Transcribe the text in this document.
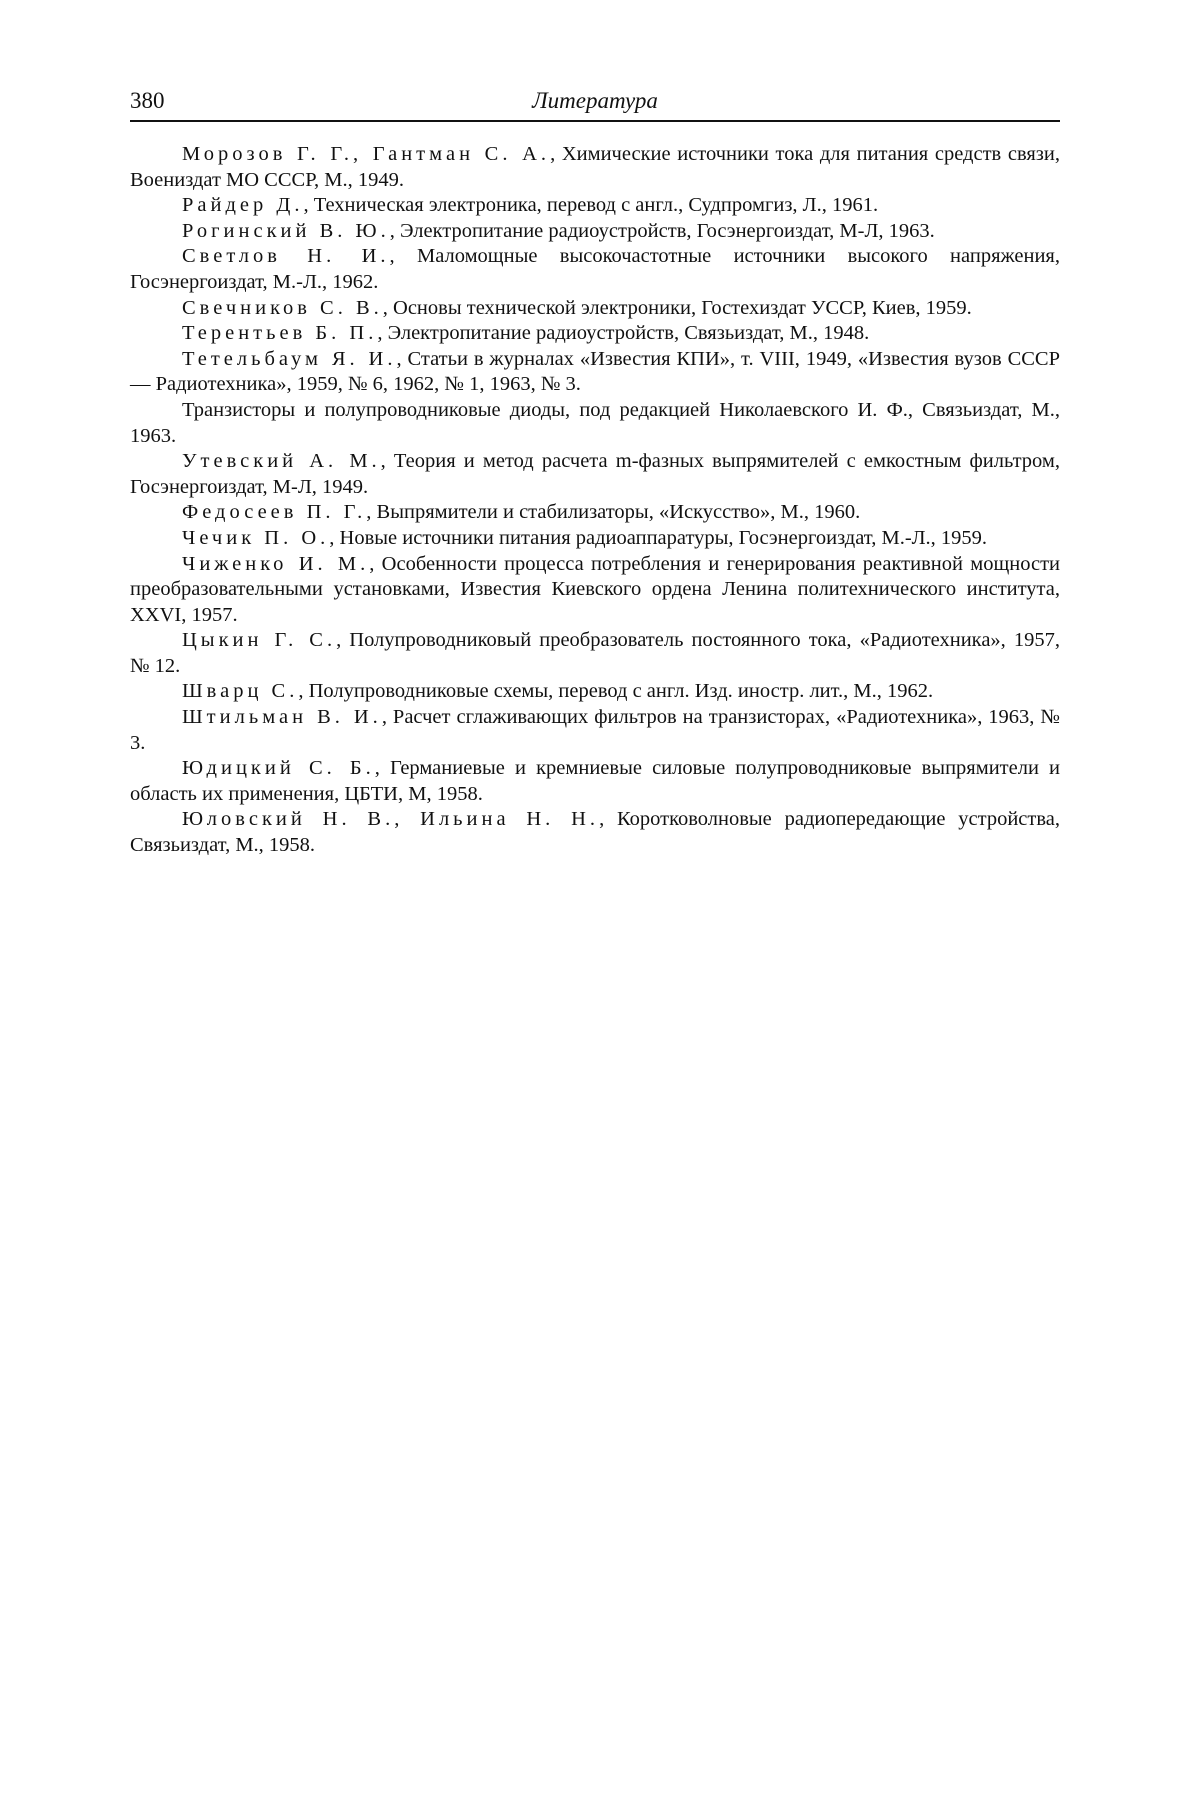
380	Литература

Морозов Г. Г., Гантман С. А., Химические источники тока для питания средств связи, Воениздат МО СССР, М., 1949.

Райдер Д., Техническая электроника, перевод с англ., Судпромгиз, Л., 1961.

Рогинский В. Ю., Электропитание радиоустройств, Госэнергоиздат, М-Л, 1963.

Светлов Н. И., Маломощные высокочастотные источники высокого напряжения, Госэнергоиздат, М.-Л., 1962.

Свечников С. В., Основы технической электроники, Гостехиздат УССР, Киев, 1959.

Терентьев Б. П., Электропитание радиоустройств, Связьиздат, М., 1948.

Тетельбаум Я. И., Статьи в журналах «Известия КПИ», т. VIII, 1949, «Известия вузов СССР — Радиотехника», 1959, № 6, 1962, № 1, 1963, № 3.

Транзисторы и полупроводниковые диоды, под редакцией Николаевского И. Ф., Связьиздат, М., 1963.

Утевский А. М., Теория и метод расчета m-фазных выпрямителей с емкостным фильтром, Госэнергоиздат, М-Л, 1949.

Федосеев П. Г., Выпрямители и стабилизаторы, «Искусство», М., 1960.

Чечик П. О., Новые источники питания радиоаппаратуры, Госэнергоиздат, М.-Л., 1959.

Чиженко И. М., Особенности процесса потребления и генерирования реактивной мощности преобразовательными установками, Известия Киевского ордена Ленина политехнического института, XXVI, 1957.

Цыкин Г. С., Полупроводниковый преобразователь постоянного тока, «Радиотехника», 1957, № 12.

Шварц С., Полупроводниковые схемы, перевод с англ. Изд. иностр. лит., М., 1962.

Штильман В. И., Расчет сглаживающих фильтров на транзисторах, «Радиотехника», 1963, № 3.

Юдицкий С. Б., Германиевые и кремниевые силовые полупроводниковые выпрямители и область их применения, ЦБТИ, М, 1958.

Юловский Н. В., Ильина Н. Н., Коротковолновые радиопередающие устройства, Связьиздат, М., 1958.
